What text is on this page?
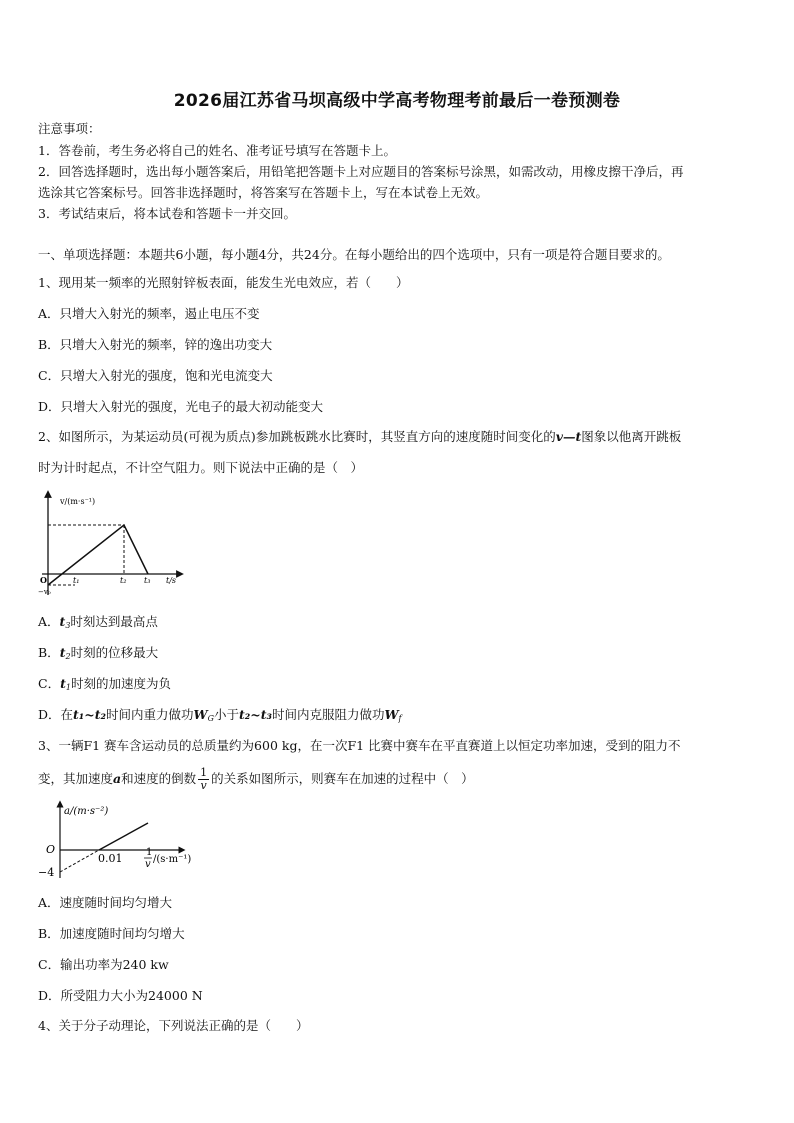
2026届江苏省马坝高级中学高考物理考前最后一卷预测卷
注意事项：
1．答卷前，考生务必将自己的姓名、准考证号填写在答题卡上。
2．回答选择题时，选出每小题答案后，用铅笔把答题卡上对应题目的答案标号涂黑，如需改动，用橡皮擦干净后，再
选涂其它答案标号。回答非选择题时，将答案写在答题卡上，写在本试卷上无效。
3．考试结束后，将本试卷和答题卡一并交回。
一、单项选择题：本题共6小题，每小题4分，共24分。在每小题给出的四个选项中，只有一项是符合题目要求的。
1、现用某一频率的光照射锌板表面，能发生光电效应，若（　　）
A．只增大入射光的频率，遏止电压不变
B．只增大入射光的频率，锌的逸出功变大
C．只增大入射光的强度，饱和光电流变大
D．只增大入射光的强度，光电子的最大初动能变大
2、如图所示，为某运动员(可视为质点)参加跳板跳水比赛时，其竖直方向的速度随时间变化的v—t图象以他离开跳板
时为计时起点，不计空气阻力。则下说法中正确的是（　）
v/(m·s⁻¹)
O
−v₀
t₁	t₂ t₃ t/s
A．$t_3$时刻达到最高点
B．$t_2$时刻的位移最大
C．$t_1$时刻的加速度为负
D．在t₁~t₂时间内重力做功$W_G$小于t₂~t₃时间内克服阻力做功$W_f$
3、一辆F1 赛车含运动员的总质量约为600 kg，在一次F1 比赛中赛车在平直赛道上以恒定功率加速，受到的阻力不
变，其加速度a和速度的倒数 $\frac{1}{v}$ 的关系如图所示，则赛车在加速的过程中（　）
a/(m·s⁻²)
O
−4
0.01 1
v /(s·m⁻¹)
A．速度随时间均匀增大
B．加速度随时间均匀增大
C．输出功率为240 kw
D．所受阻力大小为24000 N
4、关于分子动理论，下列说法正确的是（　　）
